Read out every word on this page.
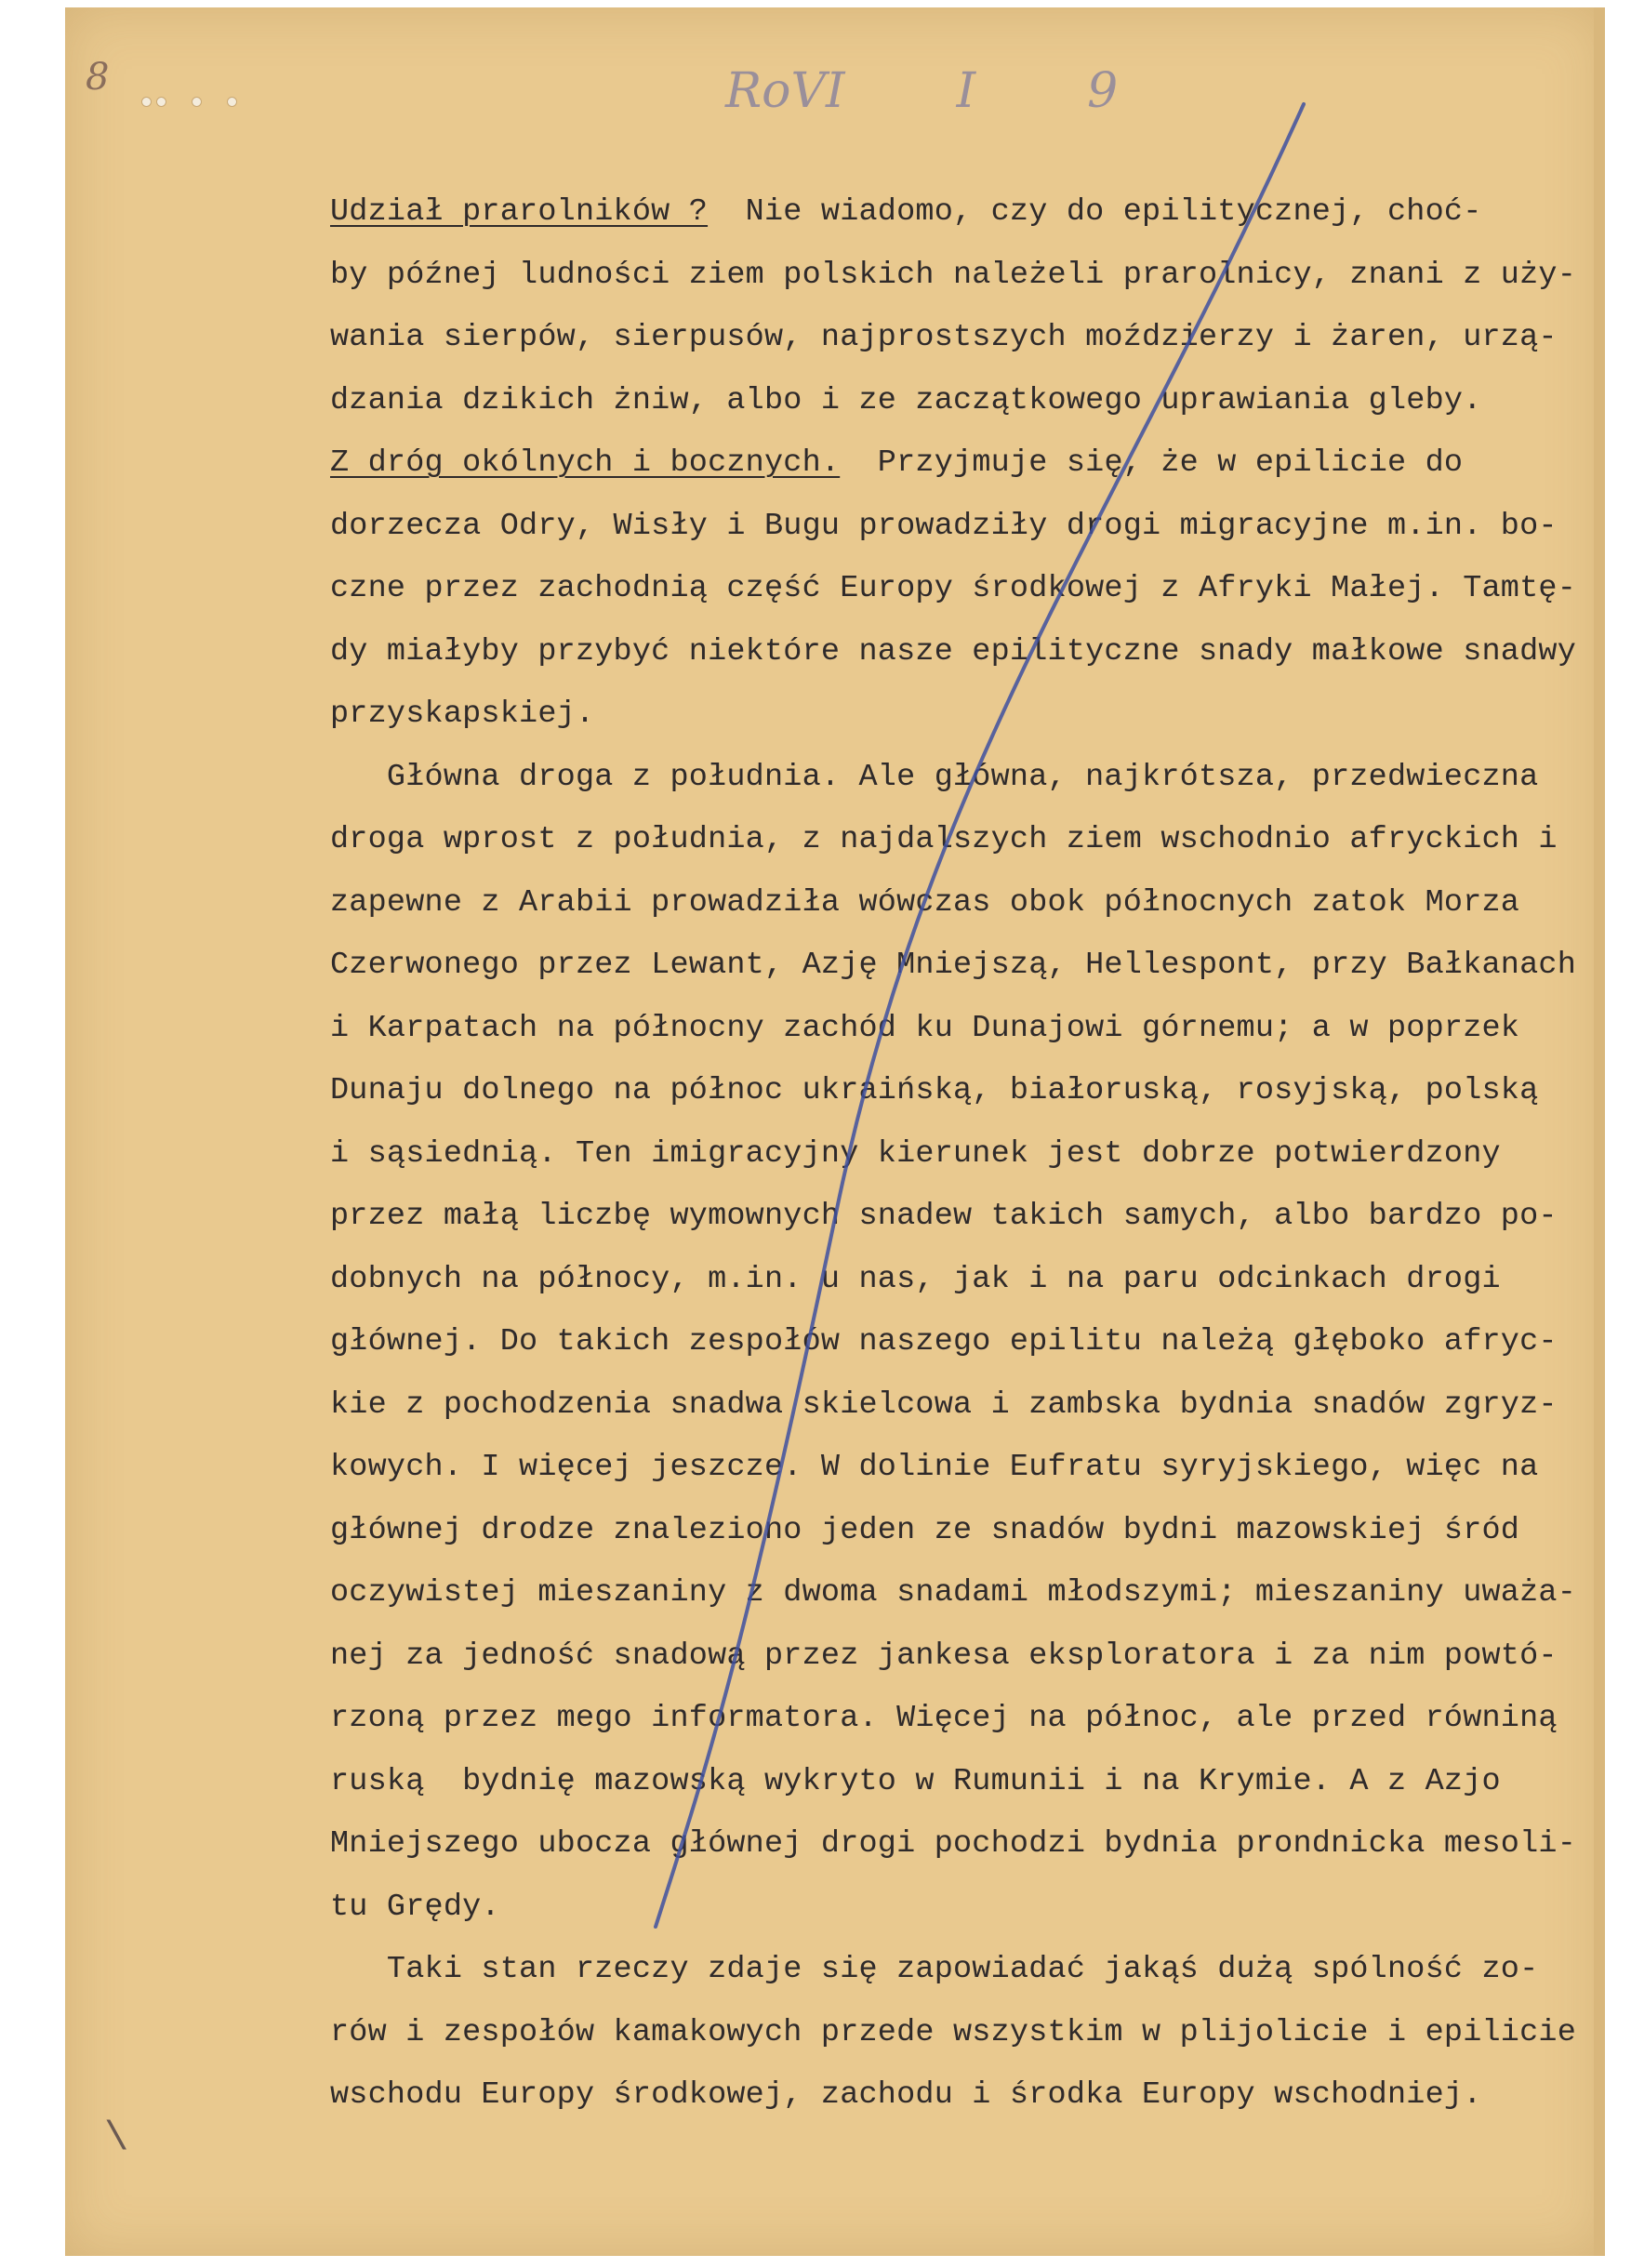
8	RoVI I 9
Udział prarolników ?  Nie wiadomo, czy do epilitycznej, choć-
by późnej ludności ziem polskich należeli prarolnicy, znani z uży-
wania sierpów, sierpusów, najprostszych moździerzy i żaren, urzą-
dzania dzikich żniw, albo i ze zaczątkowego uprawiania gleby.
Z dróg okólnych i bocznych.  Przyjmuje się, że w epilicie do
dorzecza Odry, Wisły i Bugu prowadziły drogi migracyjne m.in. bo-
czne przez zachodnią część Europy środkowej z Afryki Małej. Tamtę-
dy miałyby przybyć niektóre nasze epilityczne snady małkowe snadwy
przyskapskiej.
Główna droga z południa. Ale główna, najkrótsza, przedwieczna
droga wprost z południa, z najdalszych ziem wschodnio afryckich i
zapewne z Arabii prowadziła wówczas obok północnych zatok Morza
Czerwonego przez Lewant, Azję Mniejszą, Hellespont, przy Bałkanach
i Karpatach na północny zachód ku Dunajowi górnemu; a w poprzek
Dunaju dolnego na północ ukraińską, białoruską, rosyjską, polską
i sąsiednią. Ten imigracyjny kierunek jest dobrze potwierdzony
przez małą liczbę wymownych snadew takich samych, albo bardzo po-
dobnych na północy, m.in. u nas, jak i na paru odcinkach drogi
głównej. Do takich zespołów naszego epilitu należą głęboko afryc-
kie z pochodzenia snadwa skielcowa i zambska bydnia snadów zgryz-
kowych. I więcej jeszcze. W dolinie Eufratu syryjskiego, więc na
głównej drodze znaleziono jeden ze snadów bydni mazowskiej śród
oczywistej mieszaniny z dwoma snadami młodszymi; mieszaniny uważa-
nej za jedność snadową przez jankesa eksploratora i za nim powtó-
rzoną przez mego informatora. Więcej na północ, ale przed równiną
ruską  bydnię mazowską wykryto w Rumunii i na Krymie. A z Azjo
Mniejszego ubocza głównej drogi pochodzi bydnia prondnicka mesoli-
tu Grędy.
Taki stan rzeczy zdaje się zapowiadać jakąś dużą spólność zo-
rów i zespołów kamakowych przede wszystkim w plijolicie i epilicie
wschodu Europy środkowej, zachodu i środka Europy wschodniej.
\
